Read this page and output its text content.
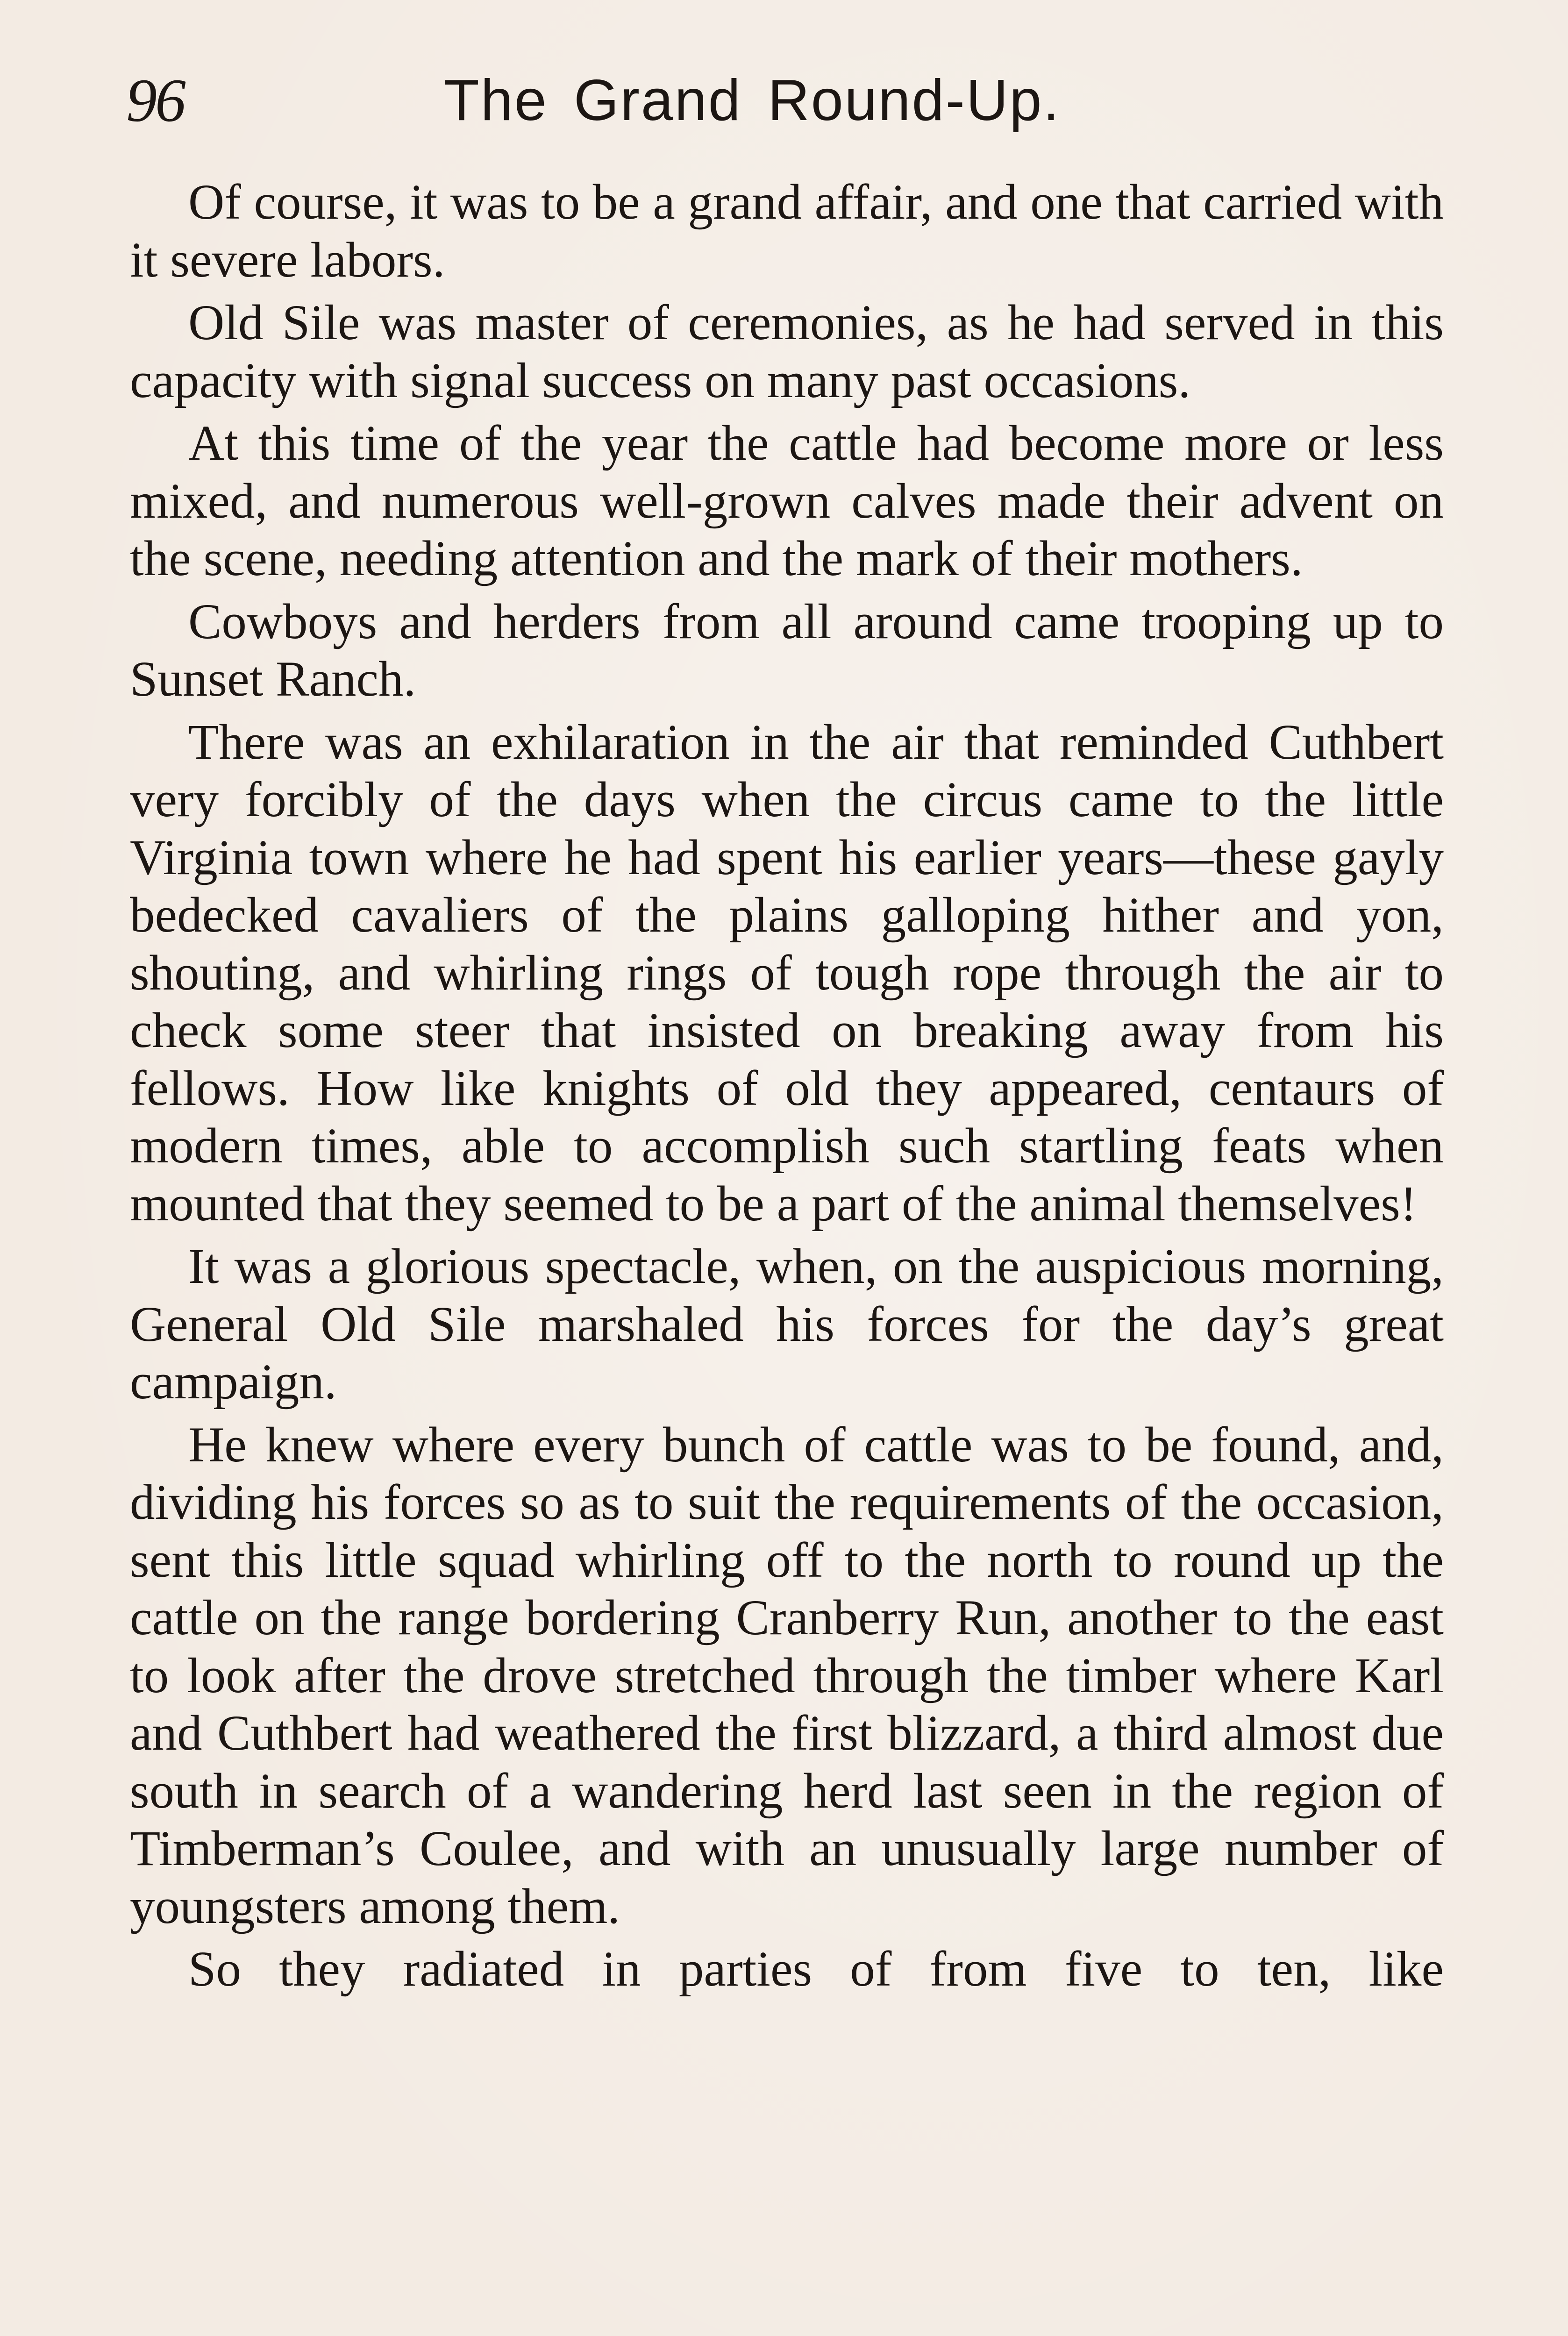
96	The Grand Round-Up.

Of course, it was to be a grand affair, and one that carried with it severe labors.

Old Sile was master of ceremonies, as he had served in this capacity with signal success on many past occasions.

At this time of the year the cattle had become more or less mixed, and numerous well-grown calves made their advent on the scene, needing attention and the mark of their mothers.

Cowboys and herders from all around came trooping up to Sunset Ranch.

There was an exhilaration in the air that reminded Cuthbert very forcibly of the days when the circus came to the little Virginia town where he had spent his earlier years—these gayly bedecked cavaliers of the plains galloping hither and yon, shouting, and whirling rings of tough rope through the air to check some steer that insisted on breaking away from his fellows. How like knights of old they appeared, centaurs of modern times, able to accomplish such startling feats when mounted that they seemed to be a part of the animal themselves!

It was a glorious spectacle, when, on the auspicious morning, General Old Sile marshaled his forces for the day’s great campaign.

He knew where every bunch of cattle was to be found, and, dividing his forces so as to suit the requirements of the occasion, sent this little squad whirling off to the north to round up the cattle on the range bordering Cranberry Run, another to the east to look after the drove stretched through the timber where Karl and Cuthbert had weathered the first blizzard, a third almost due south in search of a wandering herd last seen in the region of Timberman’s Coulee, and with an unusually large number of youngsters among them.

So they radiated in parties of from five to ten, like
